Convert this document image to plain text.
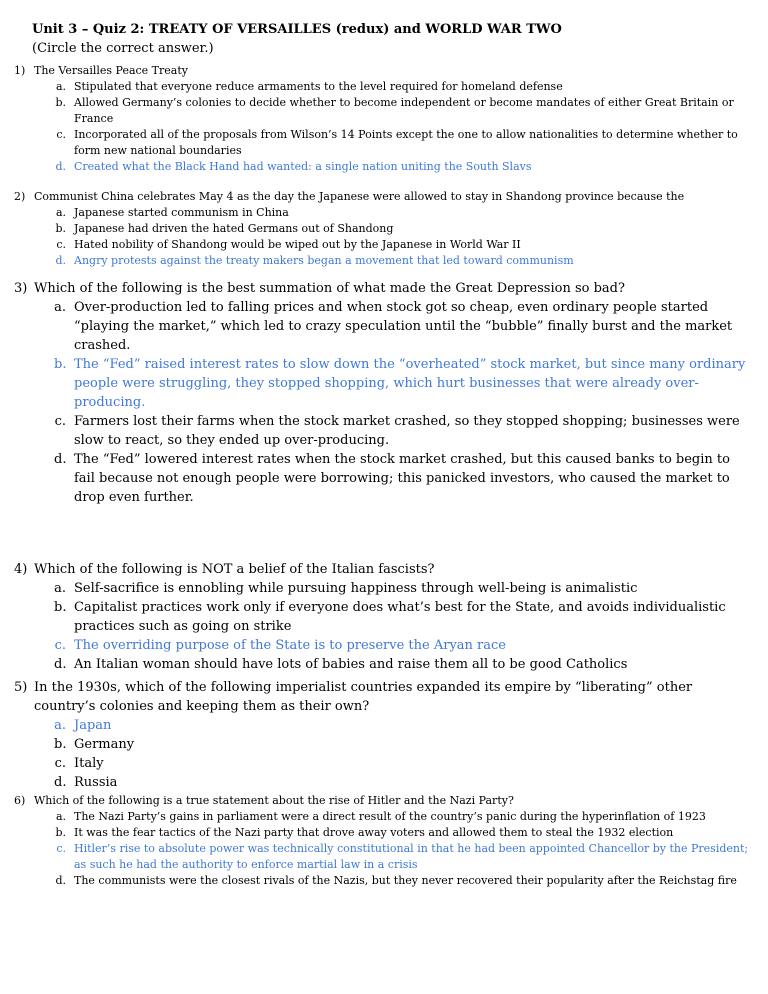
Unit 3 – Quiz 2: TREATY OF VERSAILLES (redux) and WORLD WAR TWO
(Circle the correct answer.)
1) The Versailles Peace Treaty
a. Stipulated that everyone reduce armaments to the level required for homeland defense
b. Allowed Germany’s colonies to decide whether to become independent or become mandates of either Great Britain or France
c. Incorporated all of the proposals from Wilson’s 14 Points except the one to allow nationalities to determine whether to form new national boundaries
d. Created what the Black Hand had wanted: a single nation uniting the South Slavs
2) Communist China celebrates May 4 as the day the Japanese were allowed to stay in Shandong province because the
a. Japanese started communism in China
b. Japanese had driven the hated Germans out of Shandong
c. Hated nobility of Shandong would be wiped out by the Japanese in World War II
d. Angry protests against the treaty makers began a movement that led toward communism
3) Which of the following is the best summation of what made the Great Depression so bad?
a. Over-production led to falling prices and when stock got so cheap, even ordinary people started “playing the market,” which led to crazy speculation until the “bubble” finally burst and the market crashed.
b. The “Fed” raised interest rates to slow down the “overheated” stock market, but since many ordinary people were struggling, they stopped shopping, which hurt businesses that were already over-producing.
c. Farmers lost their farms when the stock market crashed, so they stopped shopping; businesses were slow to react, so they ended up over-producing.
d. The “Fed” lowered interest rates when the stock market crashed, but this caused banks to begin to fail because not enough people were borrowing; this panicked investors, who caused the market to drop even further.
4) Which of the following is NOT a belief of the Italian fascists?
a. Self-sacrifice is ennobling while pursuing happiness through well-being is animalistic
b. Capitalist practices work only if everyone does what’s best for the State, and avoids individualistic practices such as going on strike
c. The overriding purpose of the State is to preserve the Aryan race
d. An Italian woman should have lots of babies and raise them all to be good Catholics
5) In the 1930s, which of the following imperialist countries expanded its empire by “liberating” other country’s colonies and keeping them as their own?
a. Japan
b. Germany
c. Italy
d. Russia
6) Which of the following is a true statement about the rise of Hitler and the Nazi Party?
a. The Nazi Party’s gains in parliament were a direct result of the country’s panic during the hyperinflation of 1923
b. It was the fear tactics of the Nazi party that drove away voters and allowed them to steal the 1932 election
c. Hitler’s rise to absolute power was technically constitutional in that he had been appointed Chancellor by the President; as such he had the authority to enforce martial law in a crisis
d. The communists were the closest rivals of the Nazis, but they never recovered their popularity after the Reichstag fire
